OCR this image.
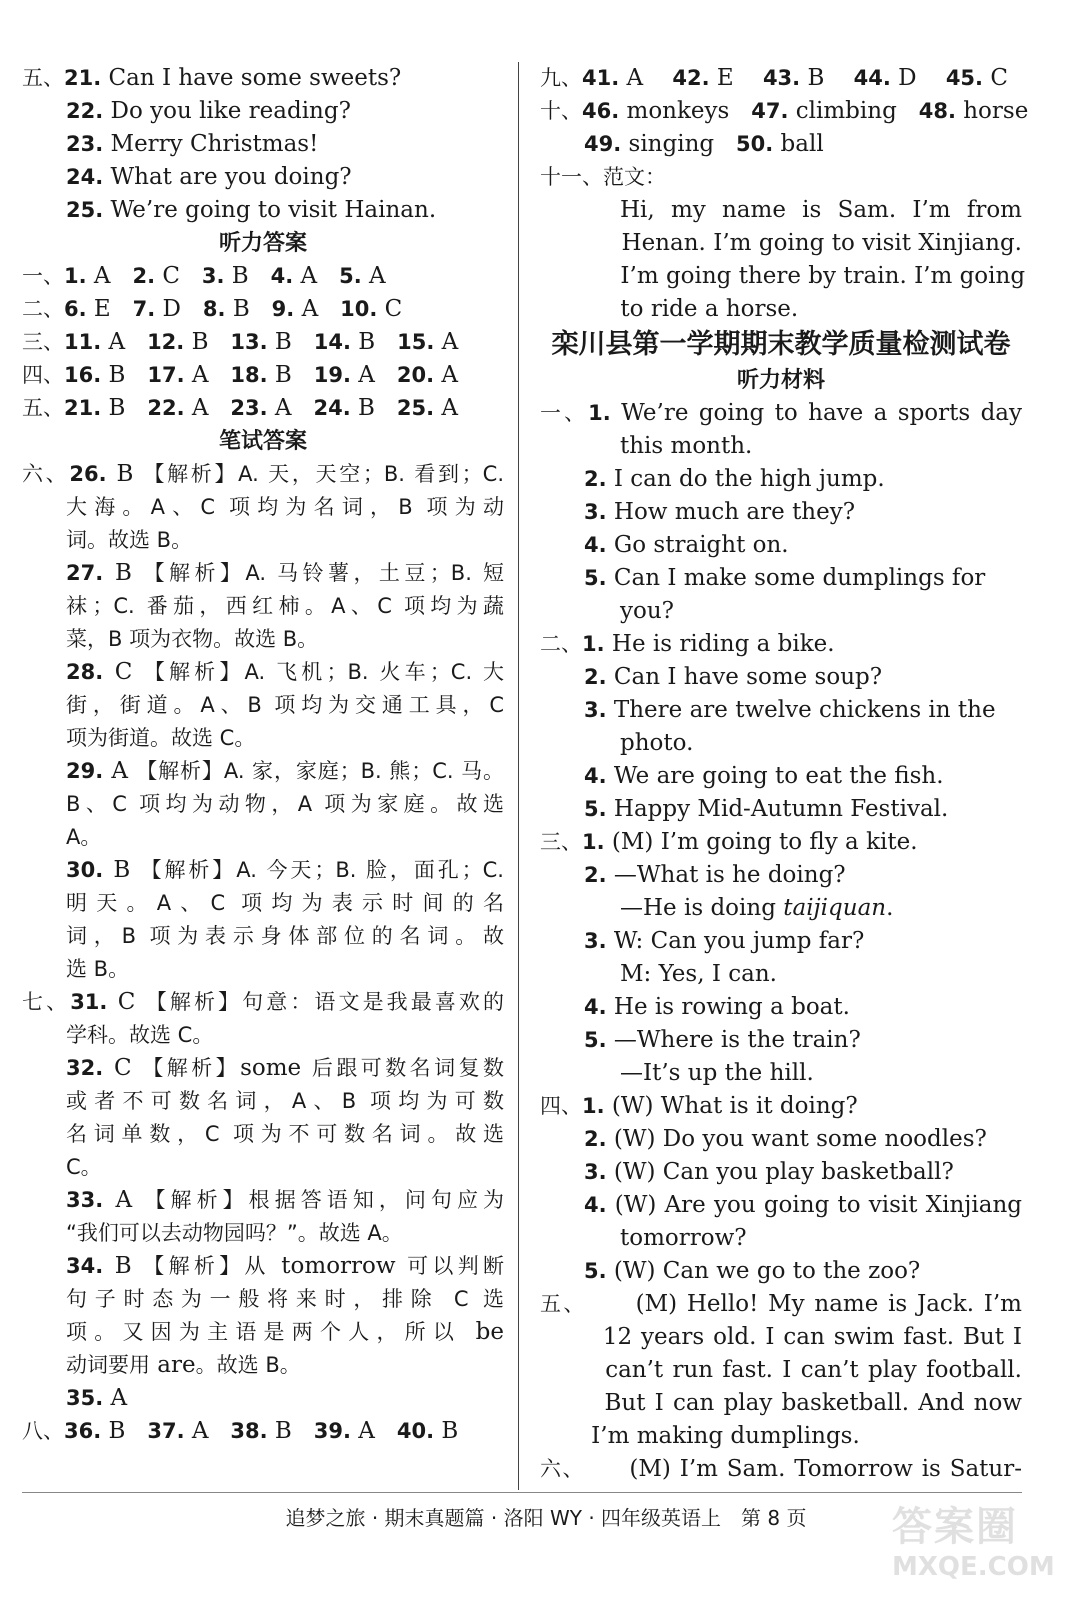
五、21. Can I have some sweets?
22. Do you like reading?
23. Merry Christmas!
24. What are you doing?
25. We’re going to visit Hainan.
听力答案
一、1. A   2. C   3. B   4. A   5. A
二、6. E   7. D   8. B   9. A   10. C
三、11. A   12. B   13. B   14. B   15. A
四、16. B   17. A   18. B   19. A   20. A
五、21. B   22. A   23. A   24. B   25. A
笔试答案
六、26. B 【解析】A. 天，天空；B. 看到；C.
大海。A、C 项均为名词，B 项为动
词。故选 B。
27. B 【解析】A. 马铃薯，土豆；B. 短
袜；C. 番茄，西红柿。A、C 项均为蔬
菜，B 项为衣物。故选 B。
28. C 【解析】A. 飞机；B. 火车；C. 大
街，街道。A、B 项均为交通工具，C
项为街道。故选 C。
29. A 【解析】A. 家，家庭；B. 熊；C. 马。
B、C 项均为动物，A 项为家庭。故选
A。
30. B 【解析】A. 今天；B. 脸，面孔；C.
明天。A、C 项均为表示时间的名
词，B 项为表示身体部位的名词。故
选 B。
七、31. C 【解析】句意：语文是我最喜欢的
学科。故选 C。
32. C 【解析】some 后跟可数名词复数
或者不可数名词，A、B 项均为可数
名词单数，C 项为不可数名词。故选
C。
33. A 【解析】根据答语知，问句应为
“我们可以去动物园吗？”。故选 A。
34. B 【解析】从 tomorrow 可以判断
句子时态为一般将来时，排除 C 选
项。又因为主语是两个人，所以 be
动词要用 are。故选 B。
35. A
八、36. B   37. A   38. B   39. A   40. B
九、41. A    42. E    43. B    44. D    45. C
十、46. monkeys   47. climbing   48. horse
49. singing   50. ball
十一、范文：
Hi, my name is Sam. I’m from
Henan. I’m going to visit Xinjiang.
I’m going there by train. I’m going
to ride a horse.
栾川县第一学期期末教学质量检测试卷
听力材料
一、1. We’re going to have a sports day
this month.
2. I can do the high jump.
3. How much are they?
4. Go straight on.
5. Can I make some dumplings for
you?
二、1. He is riding a bike.
2. Can I have some soup?
3. There are twelve chickens in the
photo.
4. We are going to eat the fish.
5. Happy Mid-Autumn Festival.
三、1. (M) I’m going to fly a kite.
2. —What is he doing?
—He is doing taijiquan.
3. W: Can you jump far?
M: Yes, I can.
4. He is rowing a boat.
5. —Where is the train?
—It’s up the hill.
四、1. (W) What is it doing?
2. (W) Do you want some noodles?
3. (W) Can you play basketball?
4. (W) Are you going to visit Xinjiang
tomorrow?
5. (W) Can we go to the zoo?
五、     (M) Hello! My name is Jack. I’m
12 years old. I can swim fast. But I
can’t run fast. I can’t play football.
But I can play basketball. And now
I’m making dumplings.
六、     (M) I’m Sam. Tomorrow is Satur-
追梦之旅 · 期末真题篇 · 洛阳 WY · 四年级英语上　第 8 页	答案圈
MXQE.COM
